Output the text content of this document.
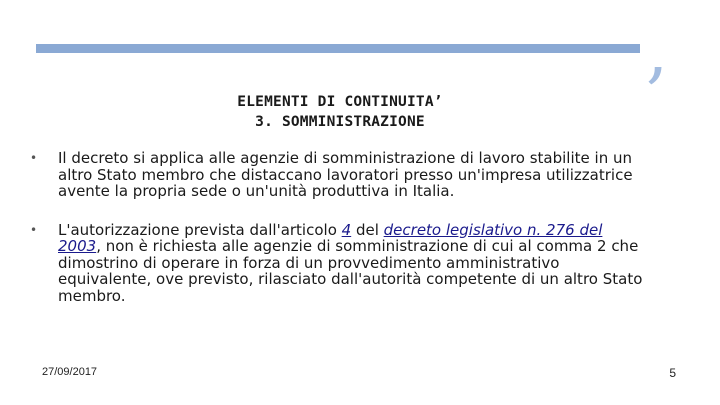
,
ELEMENTI DI CONTINUITA’
3. SOMMINISTRAZIONE
• Il decreto si applica alle agenzie di somministrazione di lavoro stabilite in un altro Stato membro che distaccano lavoratori presso un'impresa utilizzatrice avente la propria sede o un'unità produttiva in Italia.
• L'autorizzazione prevista dall'articolo 4 del decreto legislativo n. 276 del 2003, non è richiesta alle agenzie di somministrazione di cui al comma 2 che dimostrino di operare in forza di un provvedimento amministrativo equivalente, ove previsto, rilasciato dall'autorità competente di un altro Stato membro.
27/09/2017	5
